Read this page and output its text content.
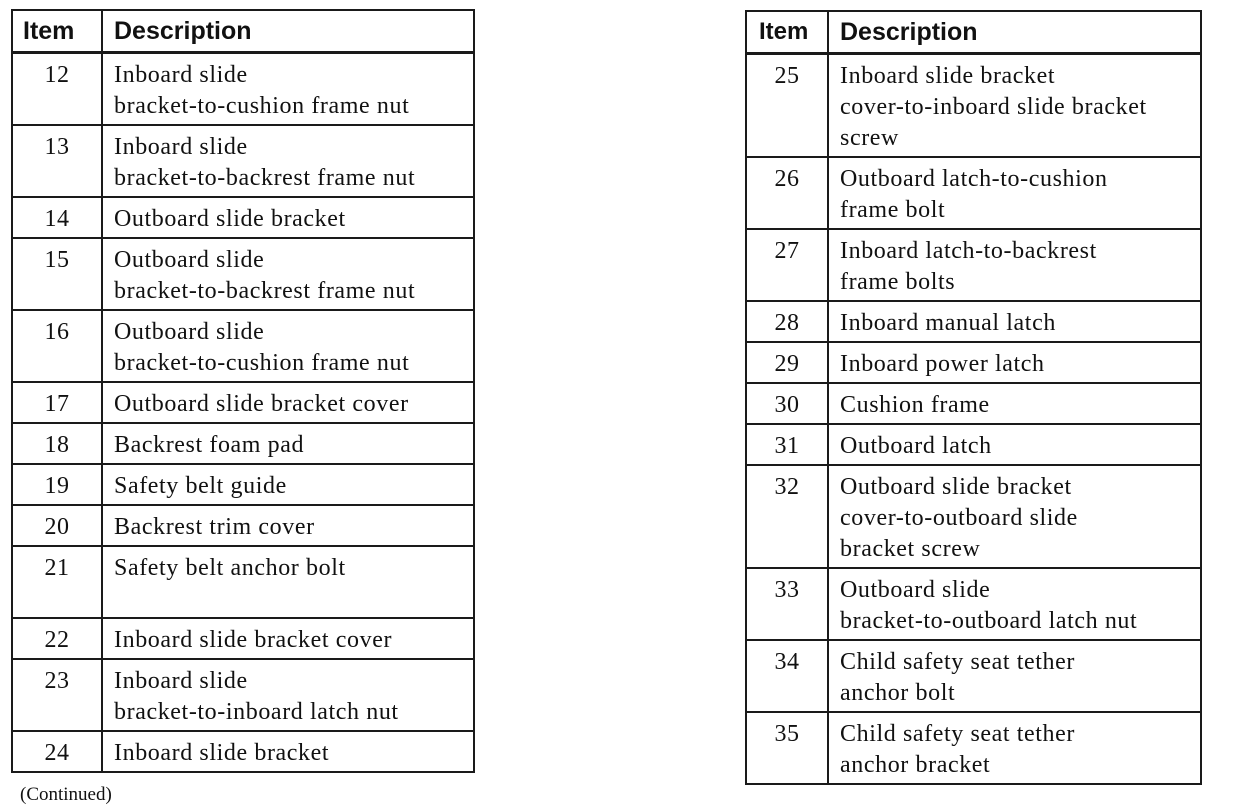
Item	Description
12	Inboard slide
bracket-to-cushion frame nut
13	Inboard slide
bracket-to-backrest frame nut
14	Outboard slide bracket
15	Outboard slide
bracket-to-backrest frame nut
16	Outboard slide
bracket-to-cushion frame nut
17	Outboard slide bracket cover
18	Backrest foam pad
19	Safety belt guide
20	Backrest trim cover
21	Safety belt anchor bolt
22	Inboard slide bracket cover
23	Inboard slide
bracket-to-inboard latch nut
24	Inboard slide bracket
Item	Description
25	Inboard slide bracket
cover-to-inboard slide bracket
screw
26	Outboard latch-to-cushion
frame bolt
27	Inboard latch-to-backrest
frame bolts
28	Inboard manual latch
29	Inboard power latch
30	Cushion frame
31	Outboard latch
32	Outboard slide bracket
cover-to-outboard slide
bracket screw
33	Outboard slide
bracket-to-outboard latch nut
34	Child safety seat tether
anchor bolt
35	Child safety seat tether
anchor bracket
(Continued)
